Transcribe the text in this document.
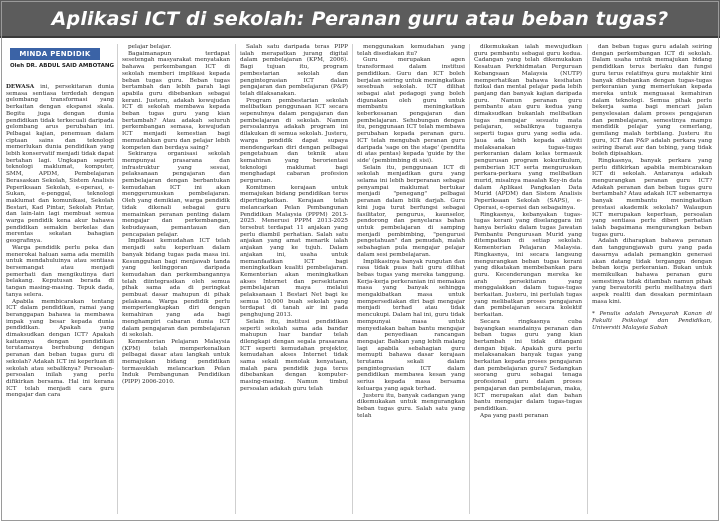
Aplikasi ICT di sekolah: Peranan guru atau beban tugas?
MINDA PENDIDIK
Oleh DR. ABDUL SAID AMBOTANG

DEWASA ini, persekitaran dunia semasa sentiasa terdedah dengan gelombang transformasi yang berkaitan dengan ekspansi skala. Begitu juga dengan dunia pendidikan tidak terkecuali daripada gelombang arus perubahan ini. Pelbagai kajian, penemuan dalam ciptaan sains dan teknologi memerlukan dunia pendidikan yang lebih konservatif menjadi tidak dapat bertahan lagi. Ungkapan seperti teknologi maklumat, komputer, SMM, APDM, Pembelajaran Berasaskan Sekolah, Sistem Analisis Peperiksaan Sekolah, e-operasi, e-Sukan, e-penggal, teknologi maklumat dan komunikasi, Sekolah Bestari, Kad Pintar, Sekolah Pintar, dan lain-lain lagi membuat semua warga pendidik kena akur bahawa pendidikan semakin berkelas dan merentas sekatan bahagian geografinya.

Warga pendidik perlu peka dan menerokai haluan sama ada memilih untuk mendahuluinya atau sentiasa bersemangat atau menjadi pemerhati dan mengikutinya dari belakang. Keputusan berada di tangan masing-masing. Tepuk dada, tanya selera.

Apabila membicarakan tentang ICT dalam pendidikan, ramai yang beranggapan bahawa ia membawa impak yang besar kepada dunia pendidikan. Apakah yang dimaksudkan dengan ICT? Apakah kaitannya dengan pendidikan terutamanya berhubung dengan peranan dan beban tugas guru di sekolah? Adakah ICT ini keperluan di sekolah atau sebaliknya? Persoalan-persoalan inilah yang perlu difikirkan bersama. Hal ini kerana ICT telah menjadi cara guru mengajar dan cara

pelajar belajar.

Bagaimanapun terdapat sesetengah masyarakat menyatakan bahawa perkembangan ICT di sekolah memberi implikasi kepada beban tugas guru. Beban tugas bertambah dan lebih parah lagi apabila guru dibebankan sebagai kerani. Justeru, adakah kewujudan ICT di sekolah membawa kepada beban tugas guru yang kian bertambah? Atau adakah seluruh perkembangan semasa, kewujudan ICT menjadi kemestian bagi memudahkan guru dan pelajar lebih kompeten dan berdaya saing?

Sekiranya organisasi sekolah mempunyai prasarana dan infrastruktur yang sesuai, pelaksanaan pengajaran dan pembelajaran dengan berbantukan kemudahan ICT ini akan menggerumuskan pembelajaran. Oleh yang demikian, warga pendidik tidak dikenali sebagai guru memainkan peranan penting dalam mengajar dan perkembangan, kebudayaan, pemantauan dan pencapaian pelajar.

Implikasi kemudahan ICT telah menjadi satu keperluan dalam banyak bidang tugas pada masa ini. Kesungguhan bagi menjawab tanda yang kelinggoran daripada kemudahan dan perkembangannya telah diintegrasikan oleh semua pihak sama ada di peringkat pembuat dasar mahupun di pihak pelaksana. Warga pendidik perlu memperlengkapkan diri dengan kemahiran yang ada bagi menghampiri cabaran dunia ICT dalam pengajaran dan pembelajaran di sekolah.

Kementerian Pelajaran Malaysia (KPM) telah memperkenalkan pelbagai dasar atau langkah untuk memajukan bidang pendidikan termasuklah melancarkan Pelan Induk Pembangunan Pendidikan (PIPP) 2006-2010.

Salah satu daripada teras PIPP ialah merapatkan jurang digital dalam pembelajaran (KPM, 2006). Bagi tujuan itu, program pembestarian sekolah dan pengintegrasian ICT dalam pengajaran dan pembelajaran (P&P) telah dilaksanakan.

Program pembestarian sekolah melibatkan penggunaan ICT secara sepenuhnya dalam pengajaran dan pembelajaran di sekolah. Namun persoalannya adakah program ini dilakukan di semua sekolah. Justeru, warga pendidik dapat supaya mendengarkan diri dengan pelbagai pengetahuan dan teknik atau kemahiran yang berorientasi teknologi maklumat bagi menghadapi cabaran profesion perguruan.

Komitmen kerajaan untuk memajukan bidang pendidikan terus dipertingkatkan. Kerajaan telah melancarkan Pelan Pembangunan Pendidikan Malaysia (PPPM) 2013-2025. Menerusi PPPM 2013-2025 tersebut terdapat 11 anjakan yang perlu diambil perhatian. Salah satu anjakan yang amat menarik ialah anjakan yang ke tujuh. Dalam anjakan ini, usaha untuk memanfaatkan ICT bagi meningkatkan kualiti pembelajaran. Kementerian akan meningkatkan akses Internet dan persekitaran pembelajaran maya melalui pelaksanaan 1 Bestari Net bagi ke semua 10,000 buah sekolah yang terdapat di tanah air ini pada penghujung 2013.

Selain itu, institusi pendidikan seperti sekolah sama ada bandar mahupun luar bandar telah dilengkapi dengan segala prasarana ICT seperti kemudahan projektor, kemudahan akses Internet tidak sama sekali menolak kenyataan, malah para pendidik juga terus dibebankan dengan komputer-masing-masing. Namun timbul persoalan adakah guru telah

menggunakan kemudahan yang telah disediakan itu?

Guru merupakan agen transformasi dalam institusi pendidikan. Guru dan ICT boleh berjalan seiring untuk meningkatkan sesebuah sekolah. ICT dilihat sebagai alat pedagogi yang boleh digunakan oleh guru untuk membantu meningkatkan keberkesanan pengajaran dan pembelajaran. Sehubungan dengan itu, penggunaan ICT telah membawa perubahan kepada peranan guru. ICT telah mengubah peranan guru daripada 'sage on the stage' (pendita di atas pentas) kepada 'guide by the side' (pembimbing di sisi).

Selain itu, penggunaan ICT di sekolah menjadikan guru yang selama ini lebih berperanan sebagai penyampai maklumat bertukar menjadi "penegang" pelbagai peranan dalam bilik darjah. Guru kini juga turut berfungsi sebagai fasilitator, pengurus, kaunselor, pendorong dan penyelaras bahan untuk pembelajaran di samping menjadi pembimbing, "pengurusi pengetahuan" dan pemudah, malah sebahagian pula mengajar pelajar dalam sesi pembelajaran.

Implikasinya banyak rungutan dan rasa tidak puas hati guru dilihat bebas tugas yang mereka tanggung. Kerja-kerja perkeranian ini memakan masa yang banyak sehingga mengakibatkan masa untuk mempersediakan diri bagi mengajar menjadi terhad atau tidak mencukupi. Dalam hal ini, guru tidak mempunyai masa untuk menyediakan bahan bantu mengajar dan penyediaan rancangan mengajar. Bahkan yang lebih malang lagi apabila sebahagian guru memupti bahawa dasar kerajaan terutama sekali dalam pengintegrasian ICT dalam pendidikan membawa kesan yang serius kepada masa bersama keluarga yang agak terhad.

Justeru itu, banyak cadangan yang dikemukakan untuk mengurangkan beban tugas guru. Salah satu yang telah

dikemukakan ialah mewujudkan guru pembantu sebagai guru kedua. Cadangan yang telah dikemukakan Kesatuan Perkhidmatan Perguruan Kebangsaan Malaysia (NUTP) memperhatikan bahawa kesihatan fizikal dan mental pelajar pada lebih panjang dan banyak kajian daripada guru. Namun peranan guru pembantu atau guru kedua yang dimaksudkan bukanlah melibatkan tugas mengajar sesuatu mata pelajaran, sebaliknya tugasnya seperti tugas guru yang sedia ada. Jaua ada lebih kepada aktiviti melaksanakan tugas-tugas perkeranian dalam kelas termasuk pengurusan program kokurikulum, pemberian ICT serta menguruskan perkara-perkara yang melibatkan murid, misalnya masalah Key-in data dalam Aplikasi Pangkalan Data Murid (APDM) dan Sistem Analisis Peperiksaan Sekolah (SAPS), e-Operasi, e-operasi dan sebagainya.

Ringkasnya, kebanyakan tugas-tugas kerani yang diselanggara ini hanya berlaku dalam tugas Jawatan Pembantu Pengurusan Murid yang ditempatkan di setiap sekolah. Kementerian Pelajaran Malaysia. Ringkasnya, ini secara langsung mengurangkan beban tugas kerani yang dikatakan membebankan para guru. Kecenderungan mereka ke arah persekitaran yang menggalakkan dalam tugas-tugas berkaitan. Justeru, ini perlulah tugas yang melibatkan proses pengajaran dan pembelajaran secara kolektif berkaitan.

Secara ringkasnya cuba bayangkan seandainya peranan dan beban tugas guru yang kian bertambah ini tidak ditangani dengan bijak. Apakah guru perlu melaksanakan banyak tugas yang berkaitan kepada proses pengajaran dan pembelajaran guru? Sedangkan seorang guru sebagai tenaga profesional guru dalam proses pengajaran dan pembelajaran, maka, ICT merupakan alat dan bahan bantu mengajar dalam tugas-tugas pendidikan.

Apa yang pasti peranan

dan beban tugas guru adalah seiring dengan perkembangan ICT di sekolah. Dalam usaha untuk memajukan bidang pendidikan terus berlaku dan fungsi guru terus relatifnya guru mutakhir kini banyak dibebankan dengan tugas-tugas perkeranian yang memerlukan kepada mereka untuk menguasai kemahiran dalam teknologi. Semua pihak perlu bekerja sama bagi mencari jalan penyelesaian dalam proses pengajaran dan pembelajaran, semestinya mampu mendidik pelajar yang cemerlang, gemilang malah terbilang. Justeru itu guru, ICT dan P&P adalah perkara yang seiring ibarat aur dan tebing, yang tidak boleh dipisahkan.

Ringkasnya, banyak perkara yang perlu difikirkan apabila membicarakan ICT di sekolah. Antaranya adakah mengurangkan peranan guru ICT? Adakah peranan dan beban tugas guru bertambah? Atau adakah ICT sebenarnya banyak membantu meningkatkan prestasi akademik sekolah? Walaupun ICT merupakan keperluan, persoalan yang sentiasa perlu diberi perhatian ialah bagaimana mengurangkan beban tugas guru.

Adalah diharapkan bahawa peranan dan tanggungjawab guru yang pada dasarnya adalah pemangkin generasi akan datang tidak terganggu dengan beban kerja perkeranian. Bukan untuk memikulkan bahawa peranan guru semestinya tidak ditambah namun pihak yang berautoriti perlu melihatnya dari aspek realiti dan desakan permintaan masa kini.

* Penulis adalah Pensyarah Kanan di Fakulti Psikologi dan Pendidikan, Universiti Malaysia Sabah
